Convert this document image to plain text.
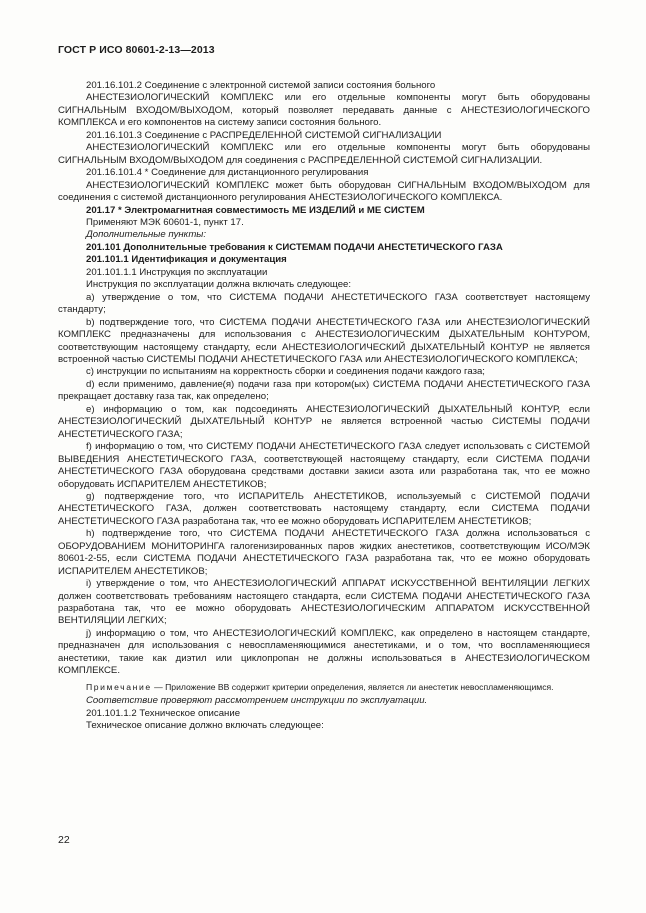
ГОСТ Р ИСО 80601-2-13—2013

201.16.101.2 Соединение с электронной системой записи состояния больного

АНЕСТЕЗИОЛОГИЧЕСКИЙ КОМПЛЕКС или его отдельные компоненты могут быть оборудованы СИГНАЛЬНЫМ ВХОДОМ/ВЫХОДОМ, который позволяет передавать данные с АНЕСТЕЗИОЛОГИЧЕСКОГО КОМПЛЕКСА и его компонентов на систему записи состояния больного.

201.16.101.3 Соединение с РАСПРЕДЕЛЕННОЙ СИСТЕМОЙ СИГНАЛИЗАЦИИ

АНЕСТЕЗИОЛОГИЧЕСКИЙ КОМПЛЕКС или его отдельные компоненты могут быть оборудованы СИГНАЛЬНЫМ ВХОДОМ/ВЫХОДОМ для соединения с РАСПРЕДЕЛЕННОЙ СИСТЕМОЙ СИГНАЛИЗАЦИИ.

201.16.101.4 * Соединение для дистанционного регулирования

АНЕСТЕЗИОЛОГИЧЕСКИЙ КОМПЛЕКС может быть оборудован СИГНАЛЬНЫМ ВХОДОМ/ВЫХОДОМ для соединения с системой дистанционного регулирования АНЕСТЕЗИОЛОГИЧЕСКОГО КОМПЛЕКСА.

201.17 * Электромагнитная совместимость МЕ ИЗДЕЛИЙ и МЕ СИСТЕМ

Применяют МЭК 60601-1, пункт 17.

Дополнительные пункты:

201.101 Дополнительные требования к СИСТЕМАМ ПОДАЧИ АНЕСТЕТИЧЕСКОГО ГАЗА

201.101.1 Идентификация и документация

201.101.1.1 Инструкция по эксплуатации

Инструкция по эксплуатации должна включать следующее:

a) утверждение о том, что СИСТЕМА ПОДАЧИ АНЕСТЕТИЧЕСКОГО ГАЗА соответствует настоящему стандарту;

b) подтверждение того, что СИСТЕМА ПОДАЧИ АНЕСТЕТИЧЕСКОГО ГАЗА или АНЕСТЕЗИОЛОГИЧЕСКИЙ КОМПЛЕКС предназначены для использования с АНЕСТЕЗИОЛОГИЧЕСКИМ ДЫХАТЕЛЬНЫМ КОНТУРОМ, соответствующим настоящему стандарту, если АНЕСТЕЗИОЛОГИЧЕСКИЙ ДЫХАТЕЛЬНЫЙ КОНТУР не является встроенной частью СИСТЕМЫ ПОДАЧИ АНЕСТЕТИЧЕСКОГО ГАЗА или АНЕСТЕЗИОЛОГИЧЕСКОГО КОМПЛЕКСА;

c) инструкции по испытаниям на корректность сборки и соединения подачи каждого газа;

d) если применимо, давление(я) подачи газа при котором(ых) СИСТЕМА ПОДАЧИ АНЕСТЕТИЧЕСКОГО ГАЗА прекращает доставку газа так, как определено;

e) информацию о том, как подсоединять АНЕСТЕЗИОЛОГИЧЕСКИЙ ДЫХАТЕЛЬНЫЙ КОНТУР, если АНЕСТЕЗИОЛОГИЧЕСКИЙ ДЫХАТЕЛЬНЫЙ КОНТУР не является встроенной частью СИСТЕМЫ ПОДАЧИ АНЕСТЕТИЧЕСКОГО ГАЗА;

f) информацию о том, что СИСТЕМУ ПОДАЧИ АНЕСТЕТИЧЕСКОГО ГАЗА следует использовать с СИСТЕМОЙ ВЫВЕДЕНИЯ АНЕСТЕТИЧЕСКОГО ГАЗА, соответствующей настоящему стандарту, если СИСТЕМА ПОДАЧИ АНЕСТЕТИЧЕСКОГО ГАЗА оборудована средствами доставки закиси азота или разработана так, что ее можно оборудовать ИСПАРИТЕЛЕМ АНЕСТЕТИКОВ;

g) подтверждение того, что ИСПАРИТЕЛЬ АНЕСТЕТИКОВ, используемый с СИСТЕМОЙ ПОДАЧИ АНЕСТЕТИЧЕСКОГО ГАЗА, должен соответствовать настоящему стандарту, если СИСТЕМА ПОДАЧИ АНЕСТЕТИЧЕСКОГО ГАЗА разработана так, что ее можно оборудовать ИСПАРИТЕЛЕМ АНЕСТЕТИКОВ;

h) подтверждение того, что СИСТЕМА ПОДАЧИ АНЕСТЕТИЧЕСКОГО ГАЗА должна использоваться с ОБОРУДОВАНИЕМ МОНИТОРИНГА галогенизированных паров жидких анестетиков, соответствующим ИСО/МЭК 80601-2-55, если СИСТЕМА ПОДАЧИ АНЕСТЕТИЧЕСКОГО ГАЗА разработана так, что ее можно оборудовать ИСПАРИТЕЛЕМ АНЕСТЕТИКОВ;

i) утверждение о том, что АНЕСТЕЗИОЛОГИЧЕСКИЙ АППАРАТ ИСКУССТВЕННОЙ ВЕНТИЛЯЦИИ ЛЕГКИХ должен соответствовать требованиям настоящего стандарта, если СИСТЕМА ПОДАЧИ АНЕСТЕТИЧЕСКОГО ГАЗА разработана так, что ее можно оборудовать АНЕСТЕЗИОЛОГИЧЕСКИМ АППАРАТОМ ИСКУССТВЕННОЙ ВЕНТИЛЯЦИИ ЛЕГКИХ;

j) информацию о том, что АНЕСТЕЗИОЛОГИЧЕСКИЙ КОМПЛЕКС, как определено в настоящем стандарте, предназначен для использования с невоспламеняющимися анестетиками, и о том, что воспламеняющиеся анестетики, такие как диэтил или циклопропан не должны использоваться в АНЕСТЕЗИОЛОГИЧЕСКОМ КОМПЛЕКСЕ.

Примечание — Приложение ВВ содержит критерии определения, является ли анестетик невоспламеняющимся.

Соответствие проверяют рассмотрением инструкции по эксплуатации.

201.101.1.2 Техническое описание

Техническое описание должно включать следующее:

22
